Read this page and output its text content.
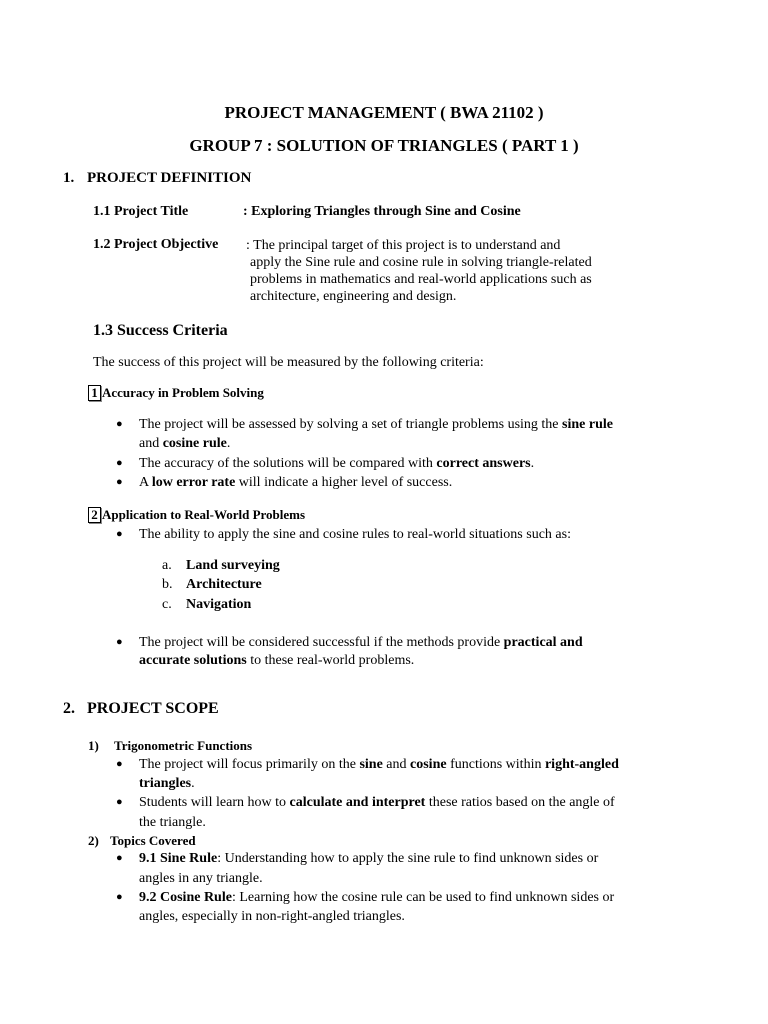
PROJECT MANAGEMENT ( BWA 21102 )
GROUP 7 : SOLUTION OF TRIANGLES ( PART 1 )
1. PROJECT DEFINITION
1.1 Project Title	: Exploring Triangles through Sine and Cosine
1.2 Project Objective : The principal target of this project is to understand and
apply the Sine rule and cosine rule in solving triangle-related
problems in mathematics and real-world applications such as
architecture, engineering and design.
1.3 Success Criteria
The success of this project will be measured by the following criteria:
1 Accuracy in Problem Solving
● The project will be assessed by solving a set of triangle problems using the sine rule
and cosine rule.
● The accuracy of the solutions will be compared with correct answers.
● A low error rate will indicate a higher level of success.
2 Application to Real-World Problems
● The ability to apply the sine and cosine rules to real-world situations such as:
a. Land surveying
b. Architecture
c. Navigation
● The project will be considered successful if the methods provide practical and
accurate solutions to these real-world problems.
2. PROJECT SCOPE
1) Trigonometric Functions
● The project will focus primarily on the sine and cosine functions within right-angled
triangles.
● Students will learn how to calculate and interpret these ratios based on the angle of
the triangle.
2) Topics Covered
● 9.1 Sine Rule: Understanding how to apply the sine rule to find unknown sides or
angles in any triangle.
● 9.2 Cosine Rule: Learning how the cosine rule can be used to find unknown sides or
angles, especially in non-right-angled triangles.
